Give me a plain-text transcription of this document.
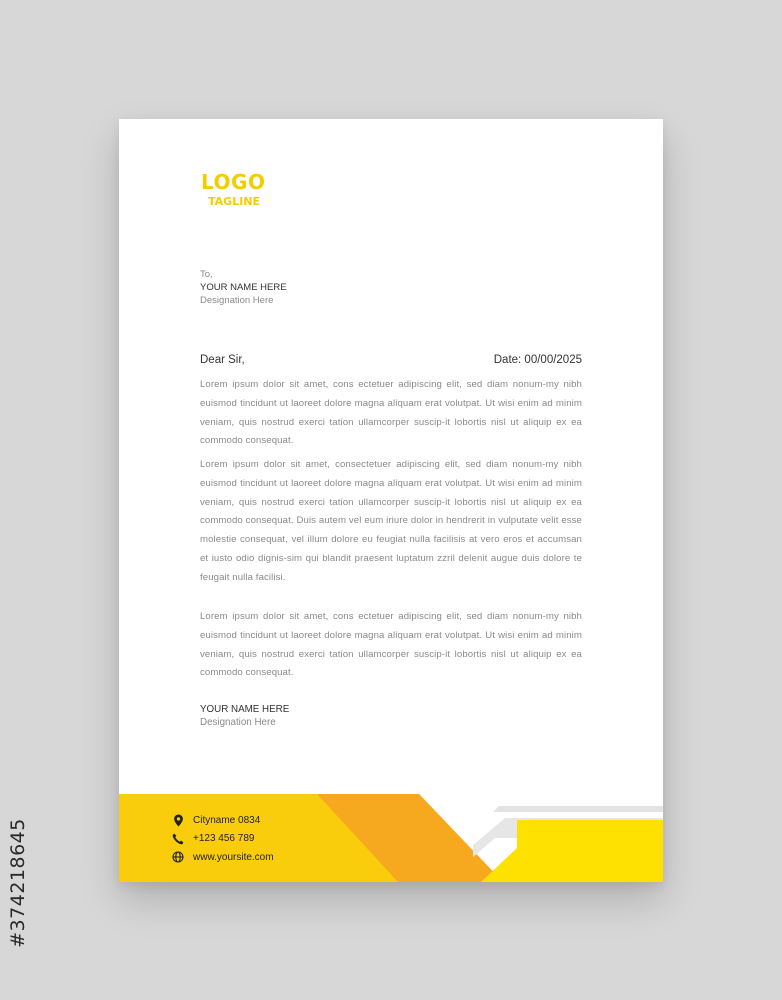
#374218645
LOGO
TAGLINE
To,
YOUR NAME HERE
Designation Here
Dear Sir,	Date: 00/00/2025

Lorem ipsum dolor sit amet, cons ectetuer adipiscing elit, sed diam nonum-my nibh euismod tincidunt ut laoreet dolore magna aliquam erat volutpat. Ut wisi enim ad minim veniam, quis nostrud exerci tation ullamcorper suscip-it lobortis nisl ut aliquip ex ea commodo consequat.

Lorem ipsum dolor sit amet, consectetuer adipiscing elit, sed diam nonum-my nibh euismod tincidunt ut laoreet dolore magna aliquam erat volutpat. Ut wisi enim ad minim veniam, quis nostrud exerci tation ullamcorper suscip-it lobortis nisl ut aliquip ex ea commodo consequat. Duis autem vel eum iriure dolor in hendrerit in vulputate velit esse molestie consequat, vel illum dolore eu feugiat nulla facilisis at vero eros et accumsan et iusto odio dignis-sim qui blandit praesent luptatum zzril delenit augue duis dolore te feugait nulla facilisi.

Lorem ipsum dolor sit amet, cons ectetuer adipiscing elit, sed diam nonum-my nibh euismod tincidunt ut laoreet dolore magna aliquam erat volutpat. Ut wisi enim ad minim veniam, quis nostrud exerci tation ullamcorper suscip-it lobortis nisl ut aliquip ex ea commodo consequat.

YOUR NAME HERE
Designation Here
Cityname 0834
+123 456 789
www.yoursite.com
